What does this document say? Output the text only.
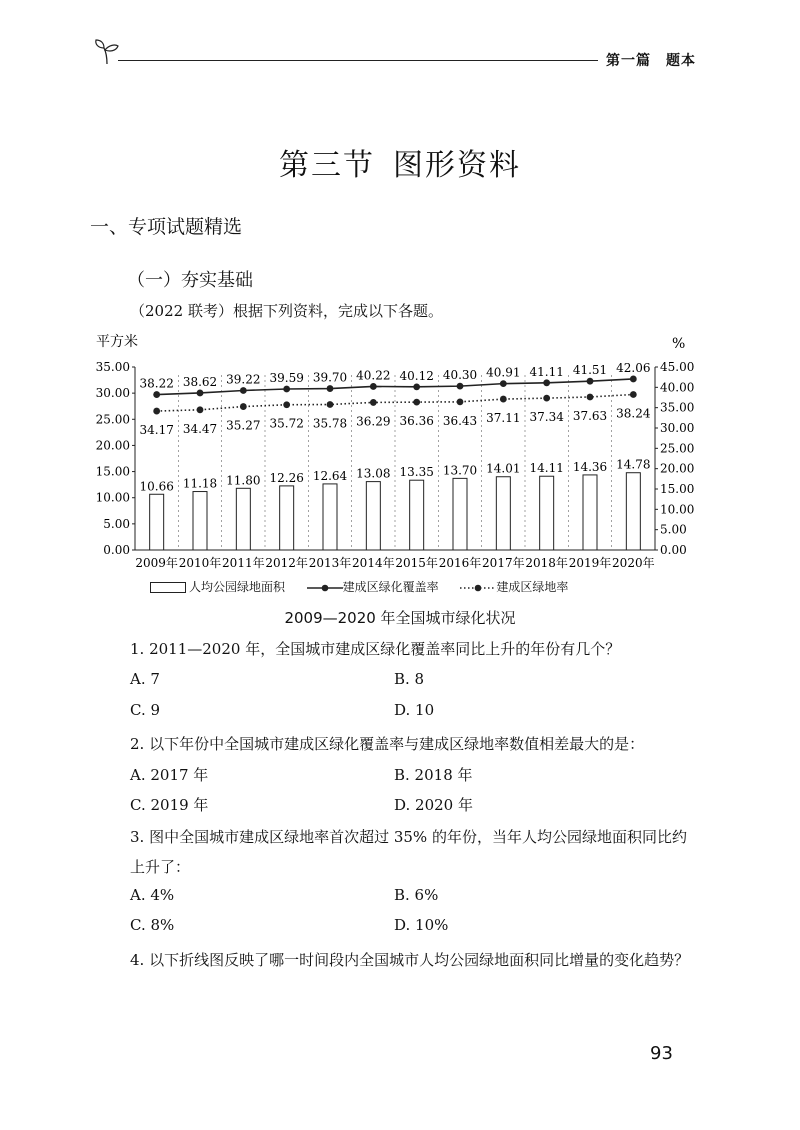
第一篇　题本
第三节 图形资料
一、专项试题精选
（一）夯实基础
（2022 联考）根据下列资料，完成以下各题。
平方米	%
35.00
30.00
25.00
20.00
15.00
10.00
5.00
0.00
45.00
40.00
35.00
30.00
25.00
20.00
15.00
10.00
5.00
0.00
10.66 11.18 11.80 12.26 12.64 13.08 13.35 13.70 14.01 14.11 14.36 14.78
38.22 38.62 39.22 39.59 39.70 40.22 40.12 40.30 40.91 41.11 41.51 42.06
34.17 34.47 35.27 35.72 35.78 36.29 36.36 36.43 37.11 37.34 37.63 38.24
2009年 2010年 2011年 2012年 2013年 2014年 2015年 2016年 2017年 2018年 2019年 2020年
人均公园绿地面积	建成区绿化覆盖率	建成区绿地率
2009—2020 年全国城市绿化状况
1. 2011—2020 年，全国城市建成区绿化覆盖率同比上升的年份有几个？
A. 7	B. 8
C. 9	D. 10
2. 以下年份中全国城市建成区绿化覆盖率与建成区绿地率数值相差最大的是：
A. 2017 年	B. 2018 年
C. 2019 年	D. 2020 年
3. 图中全国城市建成区绿地率首次超过 35% 的年份，当年人均公园绿地面积同比约上升了：
A. 4%	B. 6%
C. 8%	D. 10%
4. 以下折线图反映了哪一时间段内全国城市人均公园绿地面积同比增量的变化趋势？
93
